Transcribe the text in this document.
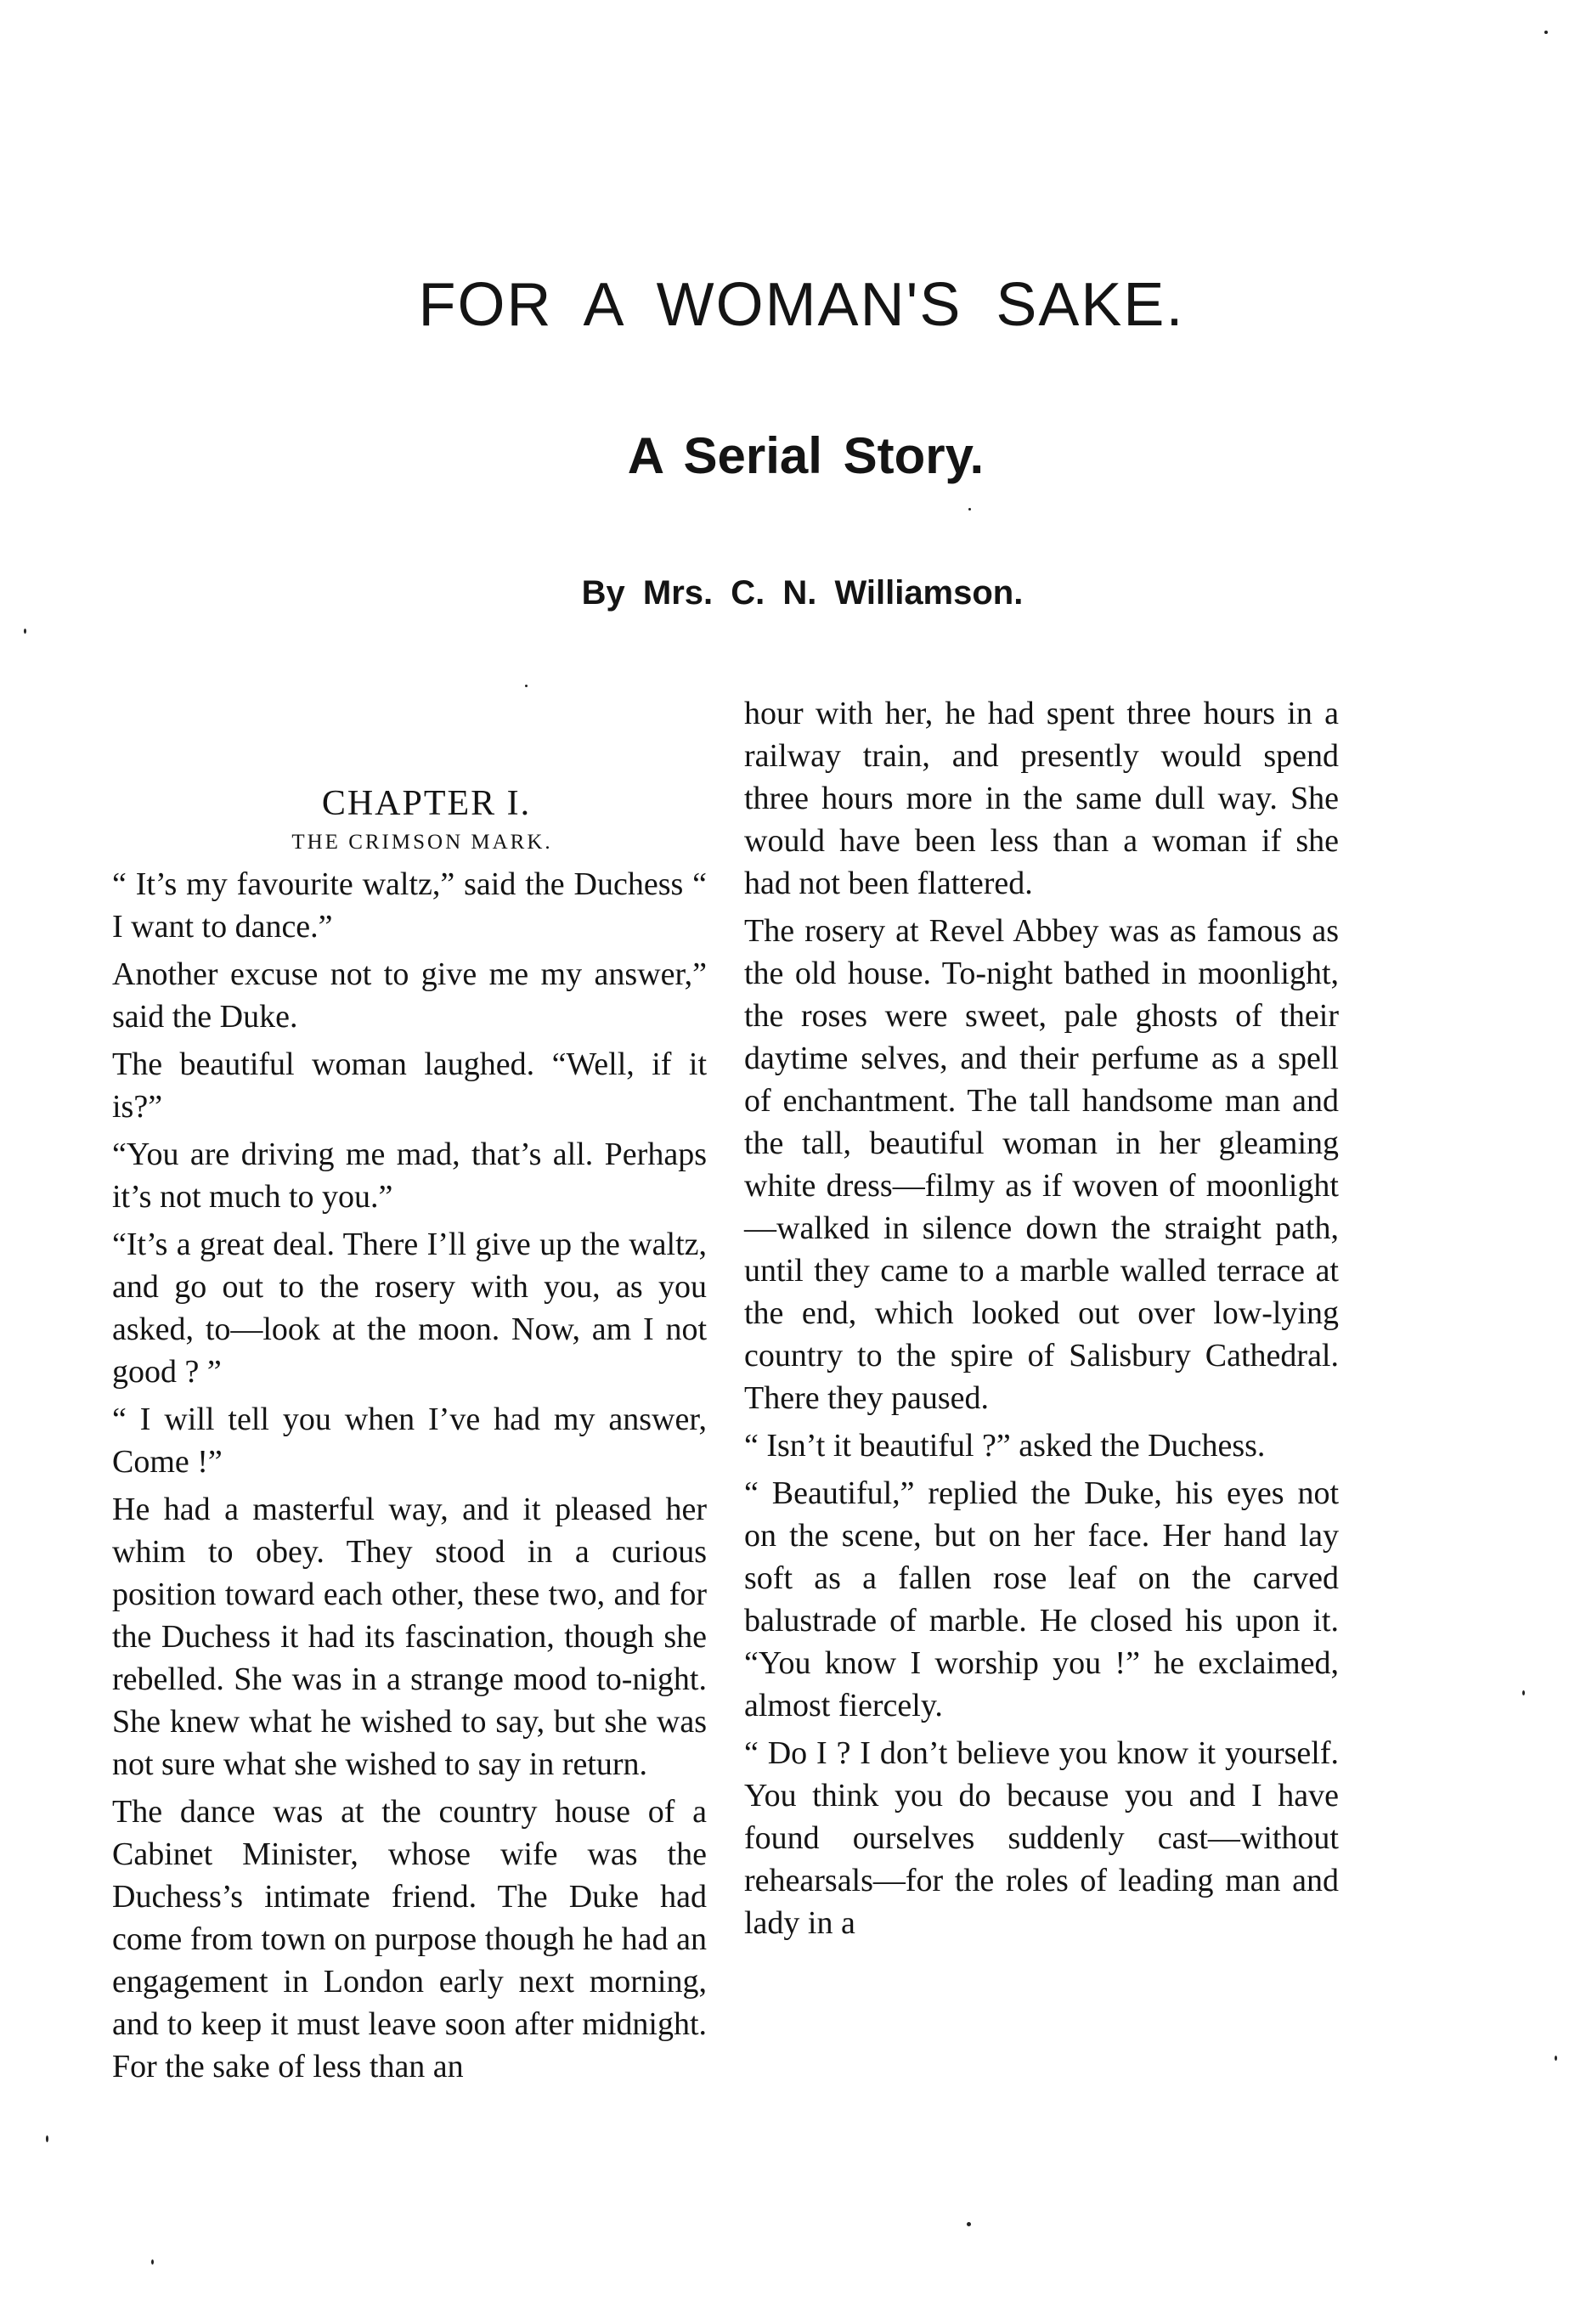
FOR A WOMAN'S SAKE.
A Serial Story.
By Mrs. C. N. Williamson.
CHAPTER I.
THE CRIMSON MARK.

“ It’s my favourite waltz,” said the Duchess “ I want to dance.”

Another excuse not to give me my answer,” said the Duke.

The beautiful woman laughed. “Well, if it is?”

“You are driving me mad, that’s all. Perhaps it’s not much to you.”

“It’s a great deal. There I’ll give up the waltz, and go out to the rosery with you, as you asked, to—look at the moon. Now, am I not good ? ”

“ I will tell you when I’ve had my answer, Come !”

He had a masterful way, and it pleased her whim to obey. They stood in a curious position toward each other, these two, and for the Duchess it had its fascination, though she rebelled. She was in a strange mood to-night. She knew what he wished to say, but she was not sure what she wished to say in return.

The dance was at the country house of a Cabinet Minister, whose wife was the Duchess’s intimate friend. The Duke had come from town on purpose though he had an engagement in London early next morning, and to keep it must leave soon after midnight. For the sake of less than an

hour with her, he had spent three hours in a railway train, and presently would spend three hours more in the same dull way. She would have been less than a woman if she had not been flattered.

The rosery at Revel Abbey was as famous as the old house. To-night bathed in moonlight, the roses were sweet, pale ghosts of their daytime selves, and their perfume as a spell of enchantment. The tall handsome man and the tall, beautiful woman in her gleaming white dress—filmy as if woven of moonlight—walked in silence down the straight path, until they came to a marble walled terrace at the end, which looked out over low-lying country to the spire of Salisbury Cathedral. There they paused.

“ Isn’t it beautiful ?” asked the Duchess.

“ Beautiful,” replied the Duke, his eyes not on the scene, but on her face. Her hand lay soft as a fallen rose leaf on the carved balustrade of marble. He closed his upon it. “You know I worship you !” he exclaimed, almost fiercely.

“ Do I ? I don’t believe you know it yourself. You think you do because you and I have found ourselves suddenly cast—without rehearsals—for the roles of leading man and lady in a
